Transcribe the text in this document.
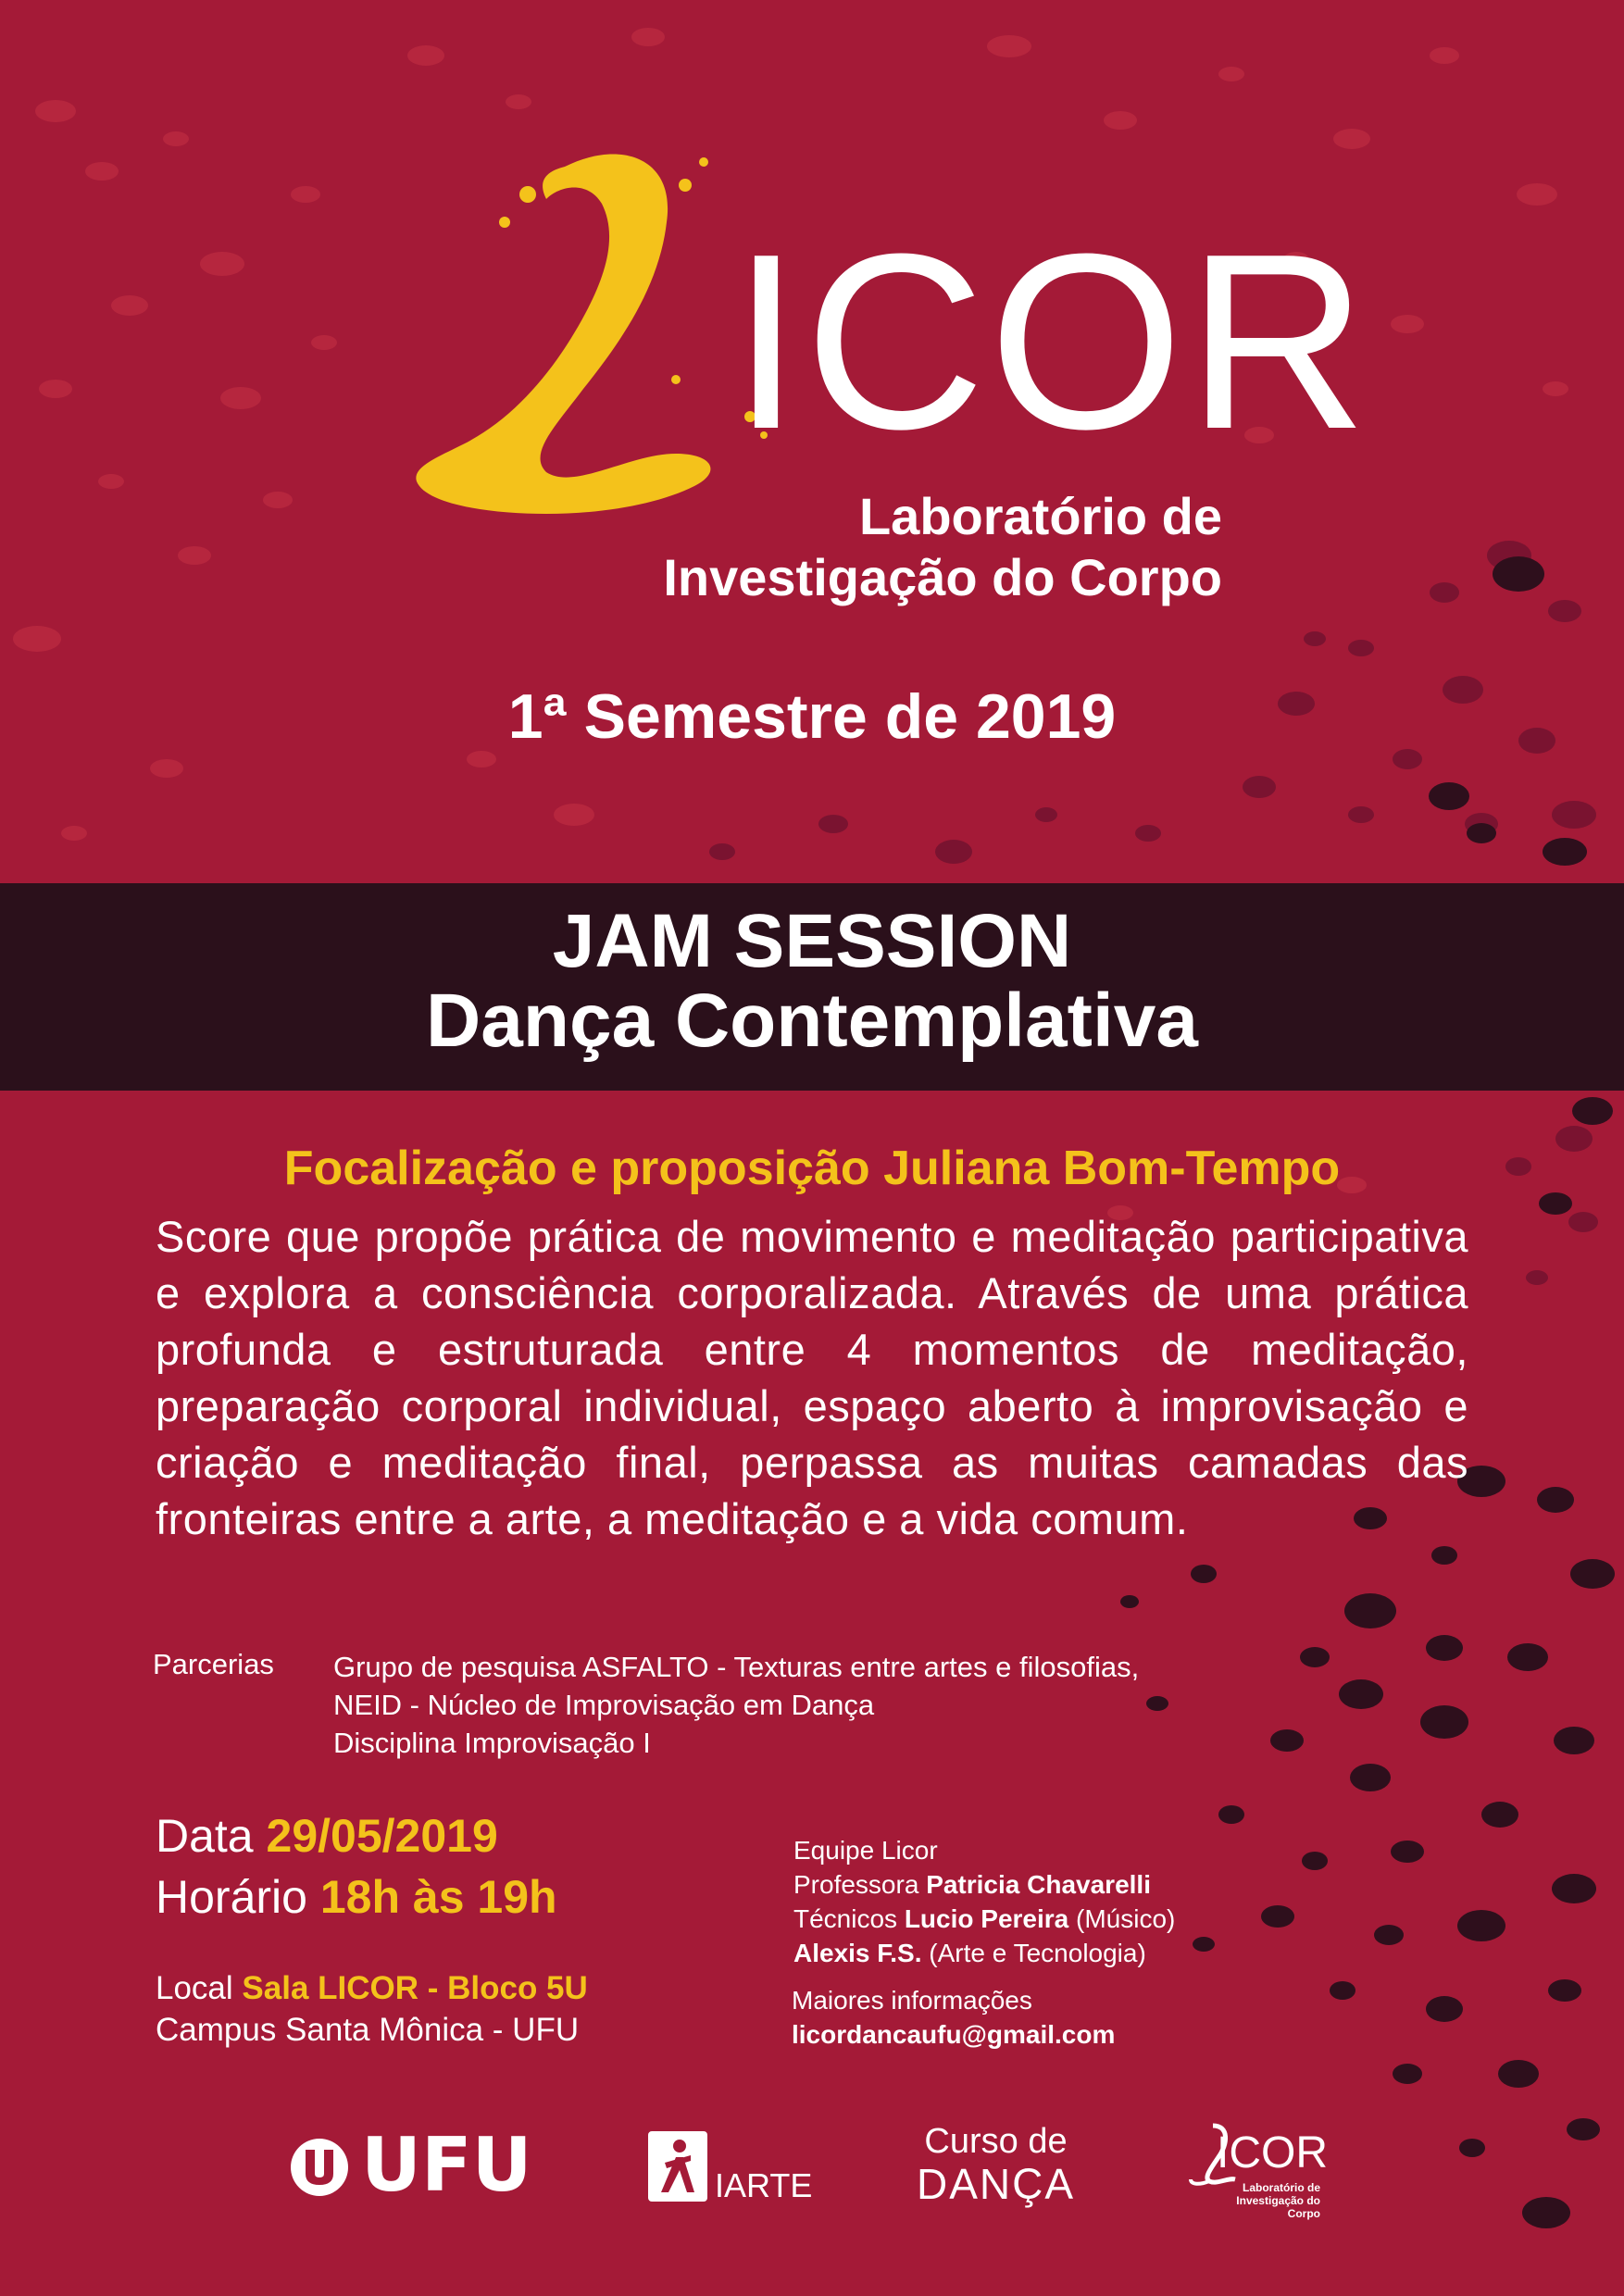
ICOR
Laboratório de
Investigação do Corpo
1ª Semestre de 2019
JAM SESSION
Dança Contemplativa
Focalização e proposição Juliana Bom-Tempo
Score que propõe prática de movimento e meditação participativa e explora a consciência corporalizada. Através de uma prática profunda e estruturada entre 4 momentos de meditação, preparação corporal individual, espaço aberto à improvisação e criação e meditação final, perpassa as muitas camadas das fronteiras entre a arte, a meditação e a vida comum.
Parcerias Grupo de pesquisa ASFALTO - Texturas entre artes e filosofias,
NEID - Núcleo de Improvisação em Dança
Disciplina Improvisação I
Data 29/05/2019
Horário 18h às 19h
Local Sala LICOR - Bloco 5U
Campus Santa Mônica - UFU
Equipe Licor
Professora Patricia Chavarelli
Técnicos Lucio Pereira (Músico)
Alexis F.S. (Arte e Tecnologia)
Maiores informações
licordancaufu@gmail.com
UFU	IARTE
Curso de
DANÇA
ICOR
Laboratório de
Investigação do Corpo
